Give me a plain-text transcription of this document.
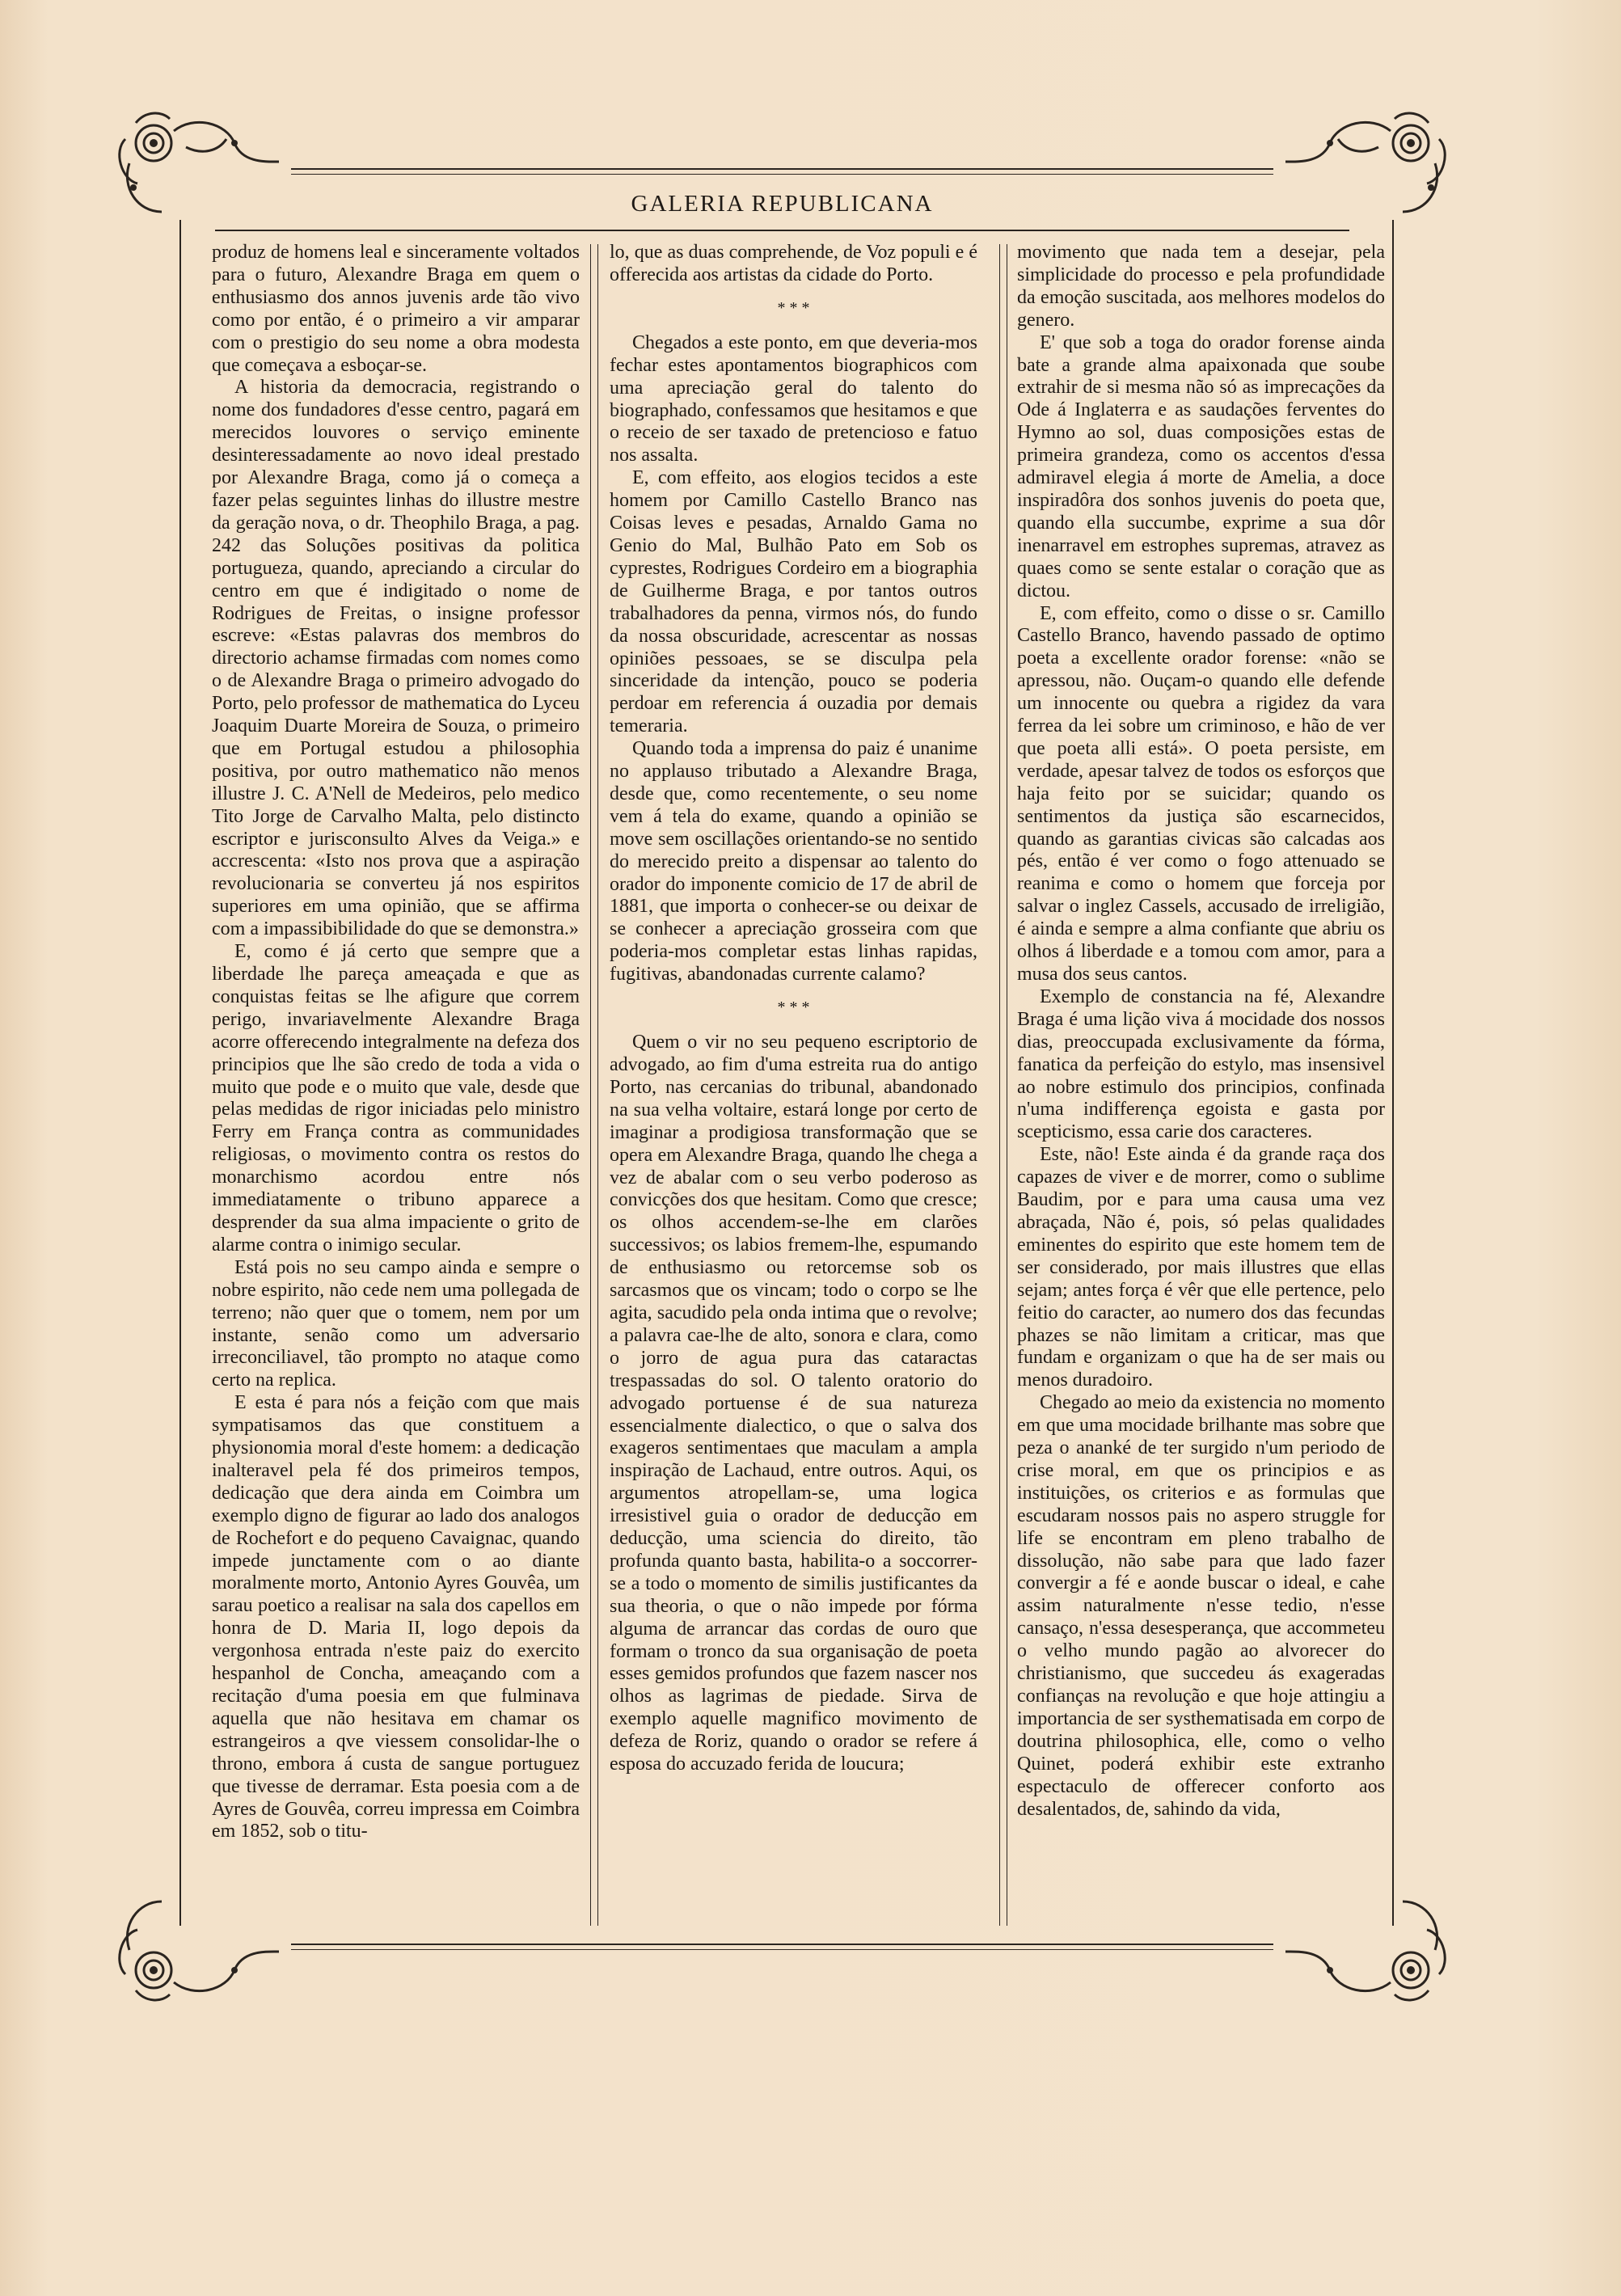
GALERIA REPUBLICANA

produz de homens leal e sinceramente voltados para o futuro, Alexandre Braga em quem o enthusiasmo dos annos juvenis arde tão vivo como por então, é o primeiro a vir amparar com o prestigio do seu nome a obra modesta que começava a esboçar-se.

A historia da democracia, registrando o nome dos fundadores d'esse centro, pagará em merecidos louvores o serviço eminente desinteressadamente ao novo ideal prestado por Alexandre Braga, como já o começa a fazer pelas seguintes linhas do illustre mestre da geração nova, o dr. Theophilo Braga, a pag. 242 das Soluções positivas da politica portugueza, quando, apreciando a circular do centro em que é indigitado o nome de Rodrigues de Freitas, o insigne professor escreve: «Estas palavras dos membros do directorio achamse firmadas com nomes como o de Alexandre Braga o primeiro advogado do Porto, pelo professor de mathematica do Lyceu Joaquim Duarte Moreira de Souza, o primeiro que em Portugal estudou a philosophia positiva, por outro mathematico não menos illustre J. C. A'Nell de Medeiros, pelo medico Tito Jorge de Carvalho Malta, pelo distincto escriptor e jurisconsulto Alves da Veiga.» e accrescenta: «Isto nos prova que a aspiração revolucionaria se converteu já nos espiritos superiores em uma opinião, que se affirma com a impassibibilidade do que se demonstra.»

E, como é já certo que sempre que a liberdade lhe pareça ameaçada e que as conquistas feitas se lhe afigure que correm perigo, invariavelmente Alexandre Braga acorre offerecendo integralmente na defeza dos principios que lhe são credo de toda a vida o muito que pode e o muito que vale, desde que pelas medidas de rigor iniciadas pelo ministro Ferry em França contra as communidades religiosas, o movimento contra os restos do monarchismo acordou entre nós immediatamente o tribuno apparece a desprender da sua alma impaciente o grito de alarme contra o inimigo secular.

Está pois no seu campo ainda e sempre o nobre espirito, não cede nem uma pollegada de terreno; não quer que o tomem, nem por um instante, senão como um adversario irreconciliavel, tão prompto no ataque como certo na replica.

E esta é para nós a feição com que mais sympatisamos das que constituem a physionomia moral d'este homem: a dedicação inalteravel pela fé dos primeiros tempos, dedicação que dera ainda em Coimbra um exemplo digno de figurar ao lado dos analogos de Rochefort e do pequeno Cavaignac, quando impede junctamente com o ao diante moralmente morto, Antonio Ayres Gouvêa, um sarau poetico a realisar na sala dos capellos em honra de D. Maria II, logo depois da vergonhosa entrada n'este paiz do exercito hespanhol de Concha, ameaçando com a recitação d'uma poesia em que fulminava aquella que não hesitava em chamar os estrangeiros a qve viessem consolidar-lhe o throno, embora á custa de sangue portuguez que tivesse de derramar. Esta poesia com a de Ayres de Gouvêa, correu impressa em Coimbra em 1852, sob o titu-

lo, que as duas comprehende, de Voz populi e é offerecida aos artistas da cidade do Porto.

* * *

Chegados a este ponto, em que deveria-mos fechar estes apontamentos biographicos com uma apreciação geral do talento do biographado, confessamos que hesitamos e que o receio de ser taxado de pretencioso e fatuo nos assalta.

E, com effeito, aos elogios tecidos a este homem por Camillo Castello Branco nas Coisas leves e pesadas, Arnaldo Gama no Genio do Mal, Bulhão Pato em Sob os cyprestes, Rodrigues Cordeiro em a biographia de Guilherme Braga, e por tantos outros trabalhadores da penna, virmos nós, do fundo da nossa obscuridade, acrescentar as nossas opiniões pessoaes, se se disculpa pela sinceridade da intenção, pouco se poderia perdoar em referencia á ouzadia por demais temeraria.

Quando toda a imprensa do paiz é unanime no applauso tributado a Alexandre Braga, desde que, como recentemente, o seu nome vem á tela do exame, quando a opinião se move sem oscillações orientando-se no sentido do merecido preito a dispensar ao talento do orador do imponente comicio de 17 de abril de 1881, que importa o conhecer-se ou deixar de se conhecer a apreciação grosseira com que poderia-mos completar estas linhas rapidas, fugitivas, abandonadas currente calamo?

* * *

Quem o vir no seu pequeno escriptorio de advogado, ao fim d'uma estreita rua do antigo Porto, nas cercanias do tribunal, abandonado na sua velha voltaire, estará longe por certo de imaginar a prodigiosa transformação que se opera em Alexandre Braga, quando lhe chega a vez de abalar com o seu verbo poderoso as convicções dos que hesitam. Como que cresce; os olhos accendem-se-lhe em clarões successivos; os labios fremem-lhe, espumando de enthusiasmo ou retorcemse sob os sarcasmos que os vincam; todo o corpo se lhe agita, sacudido pela onda intima que o revolve; a palavra cae-lhe de alto, sonora e clara, como o jorro de agua pura das cataractas trespassadas do sol. O talento oratorio do advogado portuense é de sua natureza essencialmente dialectico, o que o salva dos exageros sentimentaes que maculam a ampla inspiração de Lachaud, entre outros. Aqui, os argumentos atropellam-se, uma logica irresistivel guia o orador de deducção em deducção, uma sciencia do direito, tão profunda quanto basta, habilita-o a soccorrer-se a todo o momento de similis justificantes da sua theoria, o que o não impede por fórma alguma de arrancar das cordas de ouro que formam o tronco da sua organisação de poeta esses gemidos profundos que fazem nascer nos olhos as lagrimas de piedade. Sirva de exemplo aquelle magnifico movimento de defeza de Roriz, quando o orador se refere á esposa do accuzado ferida de loucura;

movimento que nada tem a desejar, pela simplicidade do processo e pela profundidade da emoção suscitada, aos melhores modelos do genero.

E' que sob a toga do orador forense ainda bate a grande alma apaixonada que soube extrahir de si mesma não só as imprecações da Ode á Inglaterra e as saudações ferventes do Hymno ao sol, duas composições estas de primeira grandeza, como os accentos d'essa admiravel elegia á morte de Amelia, a doce inspiradôra dos sonhos juvenis do poeta que, quando ella succumbe, exprime a sua dôr inenarravel em estrophes supremas, atravez as quaes como se sente estalar o coração que as dictou.

E, com effeito, como o disse o sr. Camillo Castello Branco, havendo passado de optimo poeta a excellente orador forense: «não se apressou, não. Ouçam-o quando elle defende um innocente ou quebra a rigidez da vara ferrea da lei sobre um criminoso, e hão de ver que poeta alli está». O poeta persiste, em verdade, apesar talvez de todos os esforços que haja feito por se suicidar; quando os sentimentos da justiça são escarnecidos, quando as garantias civicas são calcadas aos pés, então é ver como o fogo attenuado se reanima e como o homem que forceja por salvar o inglez Cassels, accusado de irreligião, é ainda e sempre a alma confiante que abriu os olhos á liberdade e a tomou com amor, para a musa dos seus cantos.

Exemplo de constancia na fé, Alexandre Braga é uma lição viva á mocidade dos nossos dias, preoccupada exclusivamente da fórma, fanatica da perfeição do estylo, mas insensivel ao nobre estimulo dos principios, confinada n'uma indifferença egoista e gasta por scepticismo, essa carie dos caracteres.

Este, não! Este ainda é da grande raça dos capazes de viver e de morrer, como o sublime Baudim, por e para uma causa uma vez abraçada, Não é, pois, só pelas qualidades eminentes do espirito que este homem tem de ser considerado, por mais illustres que ellas sejam; antes força é vêr que elle pertence, pelo feitio do caracter, ao numero dos das fecundas phazes se não limitam a criticar, mas que fundam e organizam o que ha de ser mais ou menos duradoiro.

Chegado ao meio da existencia no momento em que uma mocidade brilhante mas sobre que peza o ananké de ter surgido n'um periodo de crise moral, em que os principios e as instituições, os criterios e as formulas que escudaram nossos pais no aspero struggle for life se encontram em pleno trabalho de dissolução, não sabe para que lado fazer convergir a fé e aonde buscar o ideal, e cahe assim naturalmente n'esse tedio, n'esse cansaço, n'essa desesperança, que accommeteu o velho mundo pagão ao alvorecer do christianismo, que succedeu ás exageradas confianças na revolução e que hoje attingiu a importancia de ser systhematisada em corpo de doutrina philosophica, elle, como o velho Quinet, poderá exhibir este extranho espectaculo de offerecer conforto aos desalentados, de, sahindo da vida,
